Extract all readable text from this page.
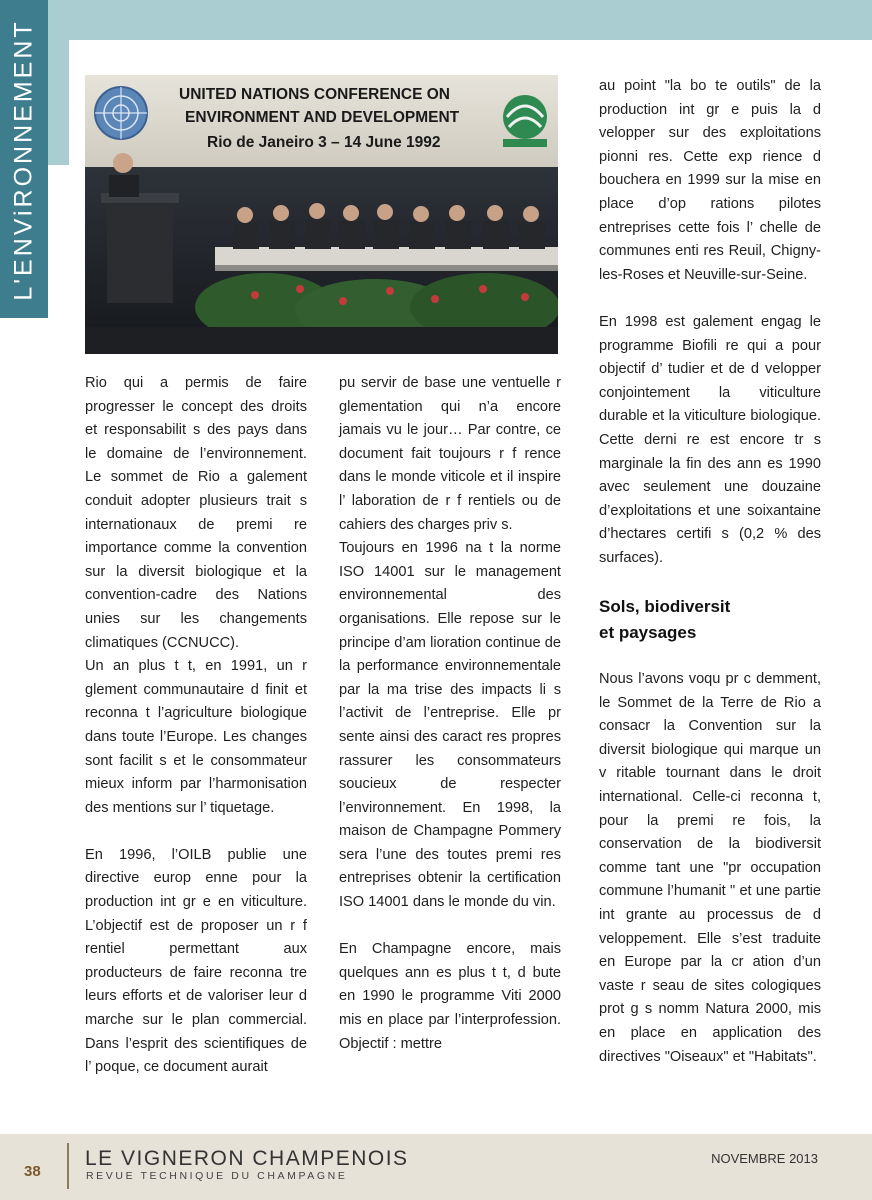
L'ENViRONNEMENT	UNITED NATIONS CONFERENCE ON
ENVIRONMENT AND DEVELOPMENT
Rio de Janeiro 3 – 14 June 1992

Rio qui a permis de faire progresser le concept des droits et responsabilit s des pays dans le domaine de l’environnement. Le sommet de Rio a galement conduit adopter plusieurs trait s internationaux de premi re importance comme la convention sur la diversit biologique et la convention-cadre des Nations unies sur les changements climatiques (CCNUCC).

Un an plus t t, en 1991, un r glement communautaire d finit et reconna t l’agriculture biologique dans toute l’Europe. Les changes sont facilit s et le consommateur mieux inform par l’harmonisation des mentions sur l’ tiquetage.

En 1996, l’OILB publie une directive europ enne pour la production int gr e en viticulture. L’objectif est de proposer un r f rentiel permettant aux producteurs de faire reconna tre leurs efforts et de valoriser leur d marche sur le plan commercial. Dans l’esprit des scientifiques de l’ poque, ce document aurait

pu servir de base une ventuelle r glementation qui n’a encore jamais vu le jour… Par contre, ce document fait toujours r f rence dans le monde viticole et il inspire l’ laboration de r f rentiels ou de cahiers des charges priv s.

Toujours en 1996 na t la norme ISO 14001 sur le management environnemental des organisations. Elle repose sur le principe d’am lioration continue de la performance environnementale par la ma trise des impacts li s l’activit de l’entreprise. Elle pr sente ainsi des caract res propres rassurer les consommateurs soucieux de respecter l’environnement. En 1998, la maison de Champagne Pommery sera l’une des toutes premi res entreprises obtenir la certification ISO 14001 dans le monde du vin.

En Champagne encore, mais quelques ann es plus t t, d bute en 1990 le programme Viti 2000 mis en place par l’interprofession. Objectif : mettre

au point "la bo te outils" de la production int gr e puis la d velopper sur des exploitations pionni res. Cette exp rience d bouchera en 1999 sur la mise en place d’op rations pilotes entreprises cette fois l’ chelle de communes enti res Reuil, Chigny-les-Roses et Neuville-sur-Seine.

En 1998 est galement engag le programme Biofili re qui a pour objectif d’ tudier et de d velopper conjointement la viticulture durable et la viticulture biologique. Cette derni re est encore tr s marginale la fin des ann es 1990 avec seulement une douzaine d’exploitations et une soixantaine d’hectares certifi s (0,2 % des surfaces).

Sols, biodiversit
et paysages

Nous l’avons voqu pr c demment, le Sommet de la Terre de Rio a consacr la Convention sur la diversit biologique qui marque un v ritable tournant dans le droit international. Celle-ci reconna t, pour la premi re fois, la conservation de la biodiversit comme tant une "pr occupation commune l’humanit " et une partie int grante au processus de d veloppement. Elle s’est traduite en Europe par la cr ation d’un vaste r seau de sites cologiques prot g s nomm Natura 2000, mis en place en application des directives "Oiseaux" et "Habitats".

38
LE VIGNERON CHAMPENOIS
REVUE TECHNIQUE DU CHAMPAGNE
NOVEMBRE 2013
